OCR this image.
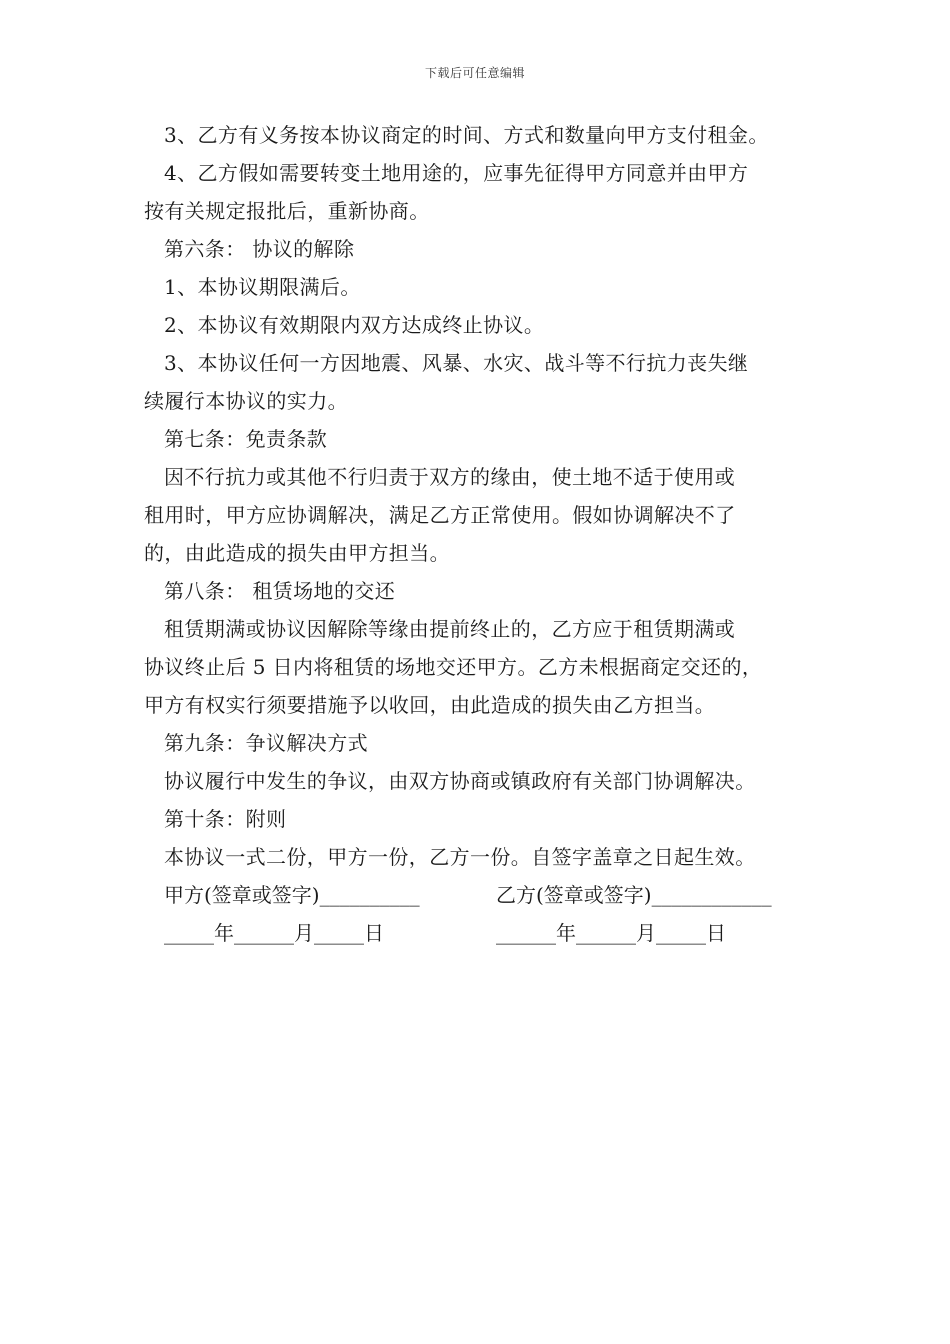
下载后可任意编辑
3、乙方有义务按本协议商定的时间、方式和数量向甲方支付租金。
4、乙方假如需要转变土地用途的，应事先征得甲方同意并由甲方
按有关规定报批后，重新协商。
第六条： 协议的解除
1、本协议期限满后。
2、本协议有效期限内双方达成终止协议。
3、本协议任何一方因地震、风暴、水灾、战斗等不行抗力丧失继
续履行本协议的实力。
第七条：免责条款
因不行抗力或其他不行归责于双方的缘由，使土地不适于使用或
租用时，甲方应协调解决，满足乙方正常使用。假如协调解决不了
的，由此造成的损失由甲方担当。
第八条： 租赁场地的交还
租赁期满或协议因解除等缘由提前终止的，乙方应于租赁期满或
协议终止后 5 日内将租赁的场地交还甲方。乙方未根据商定交还的，
甲方有权实行须要措施予以收回，由此造成的损失由乙方担当。
第九条：争议解决方式
协议履行中发生的争议，由双方协商或镇政府有关部门协调解决。
第十条：附则
本协议一式二份，甲方一份，乙方一份。自签字盖章之日起生效。
甲方(签章或签字)__________	乙方(签章或签字)____________
_____年______月_____日	______年______月_____日
